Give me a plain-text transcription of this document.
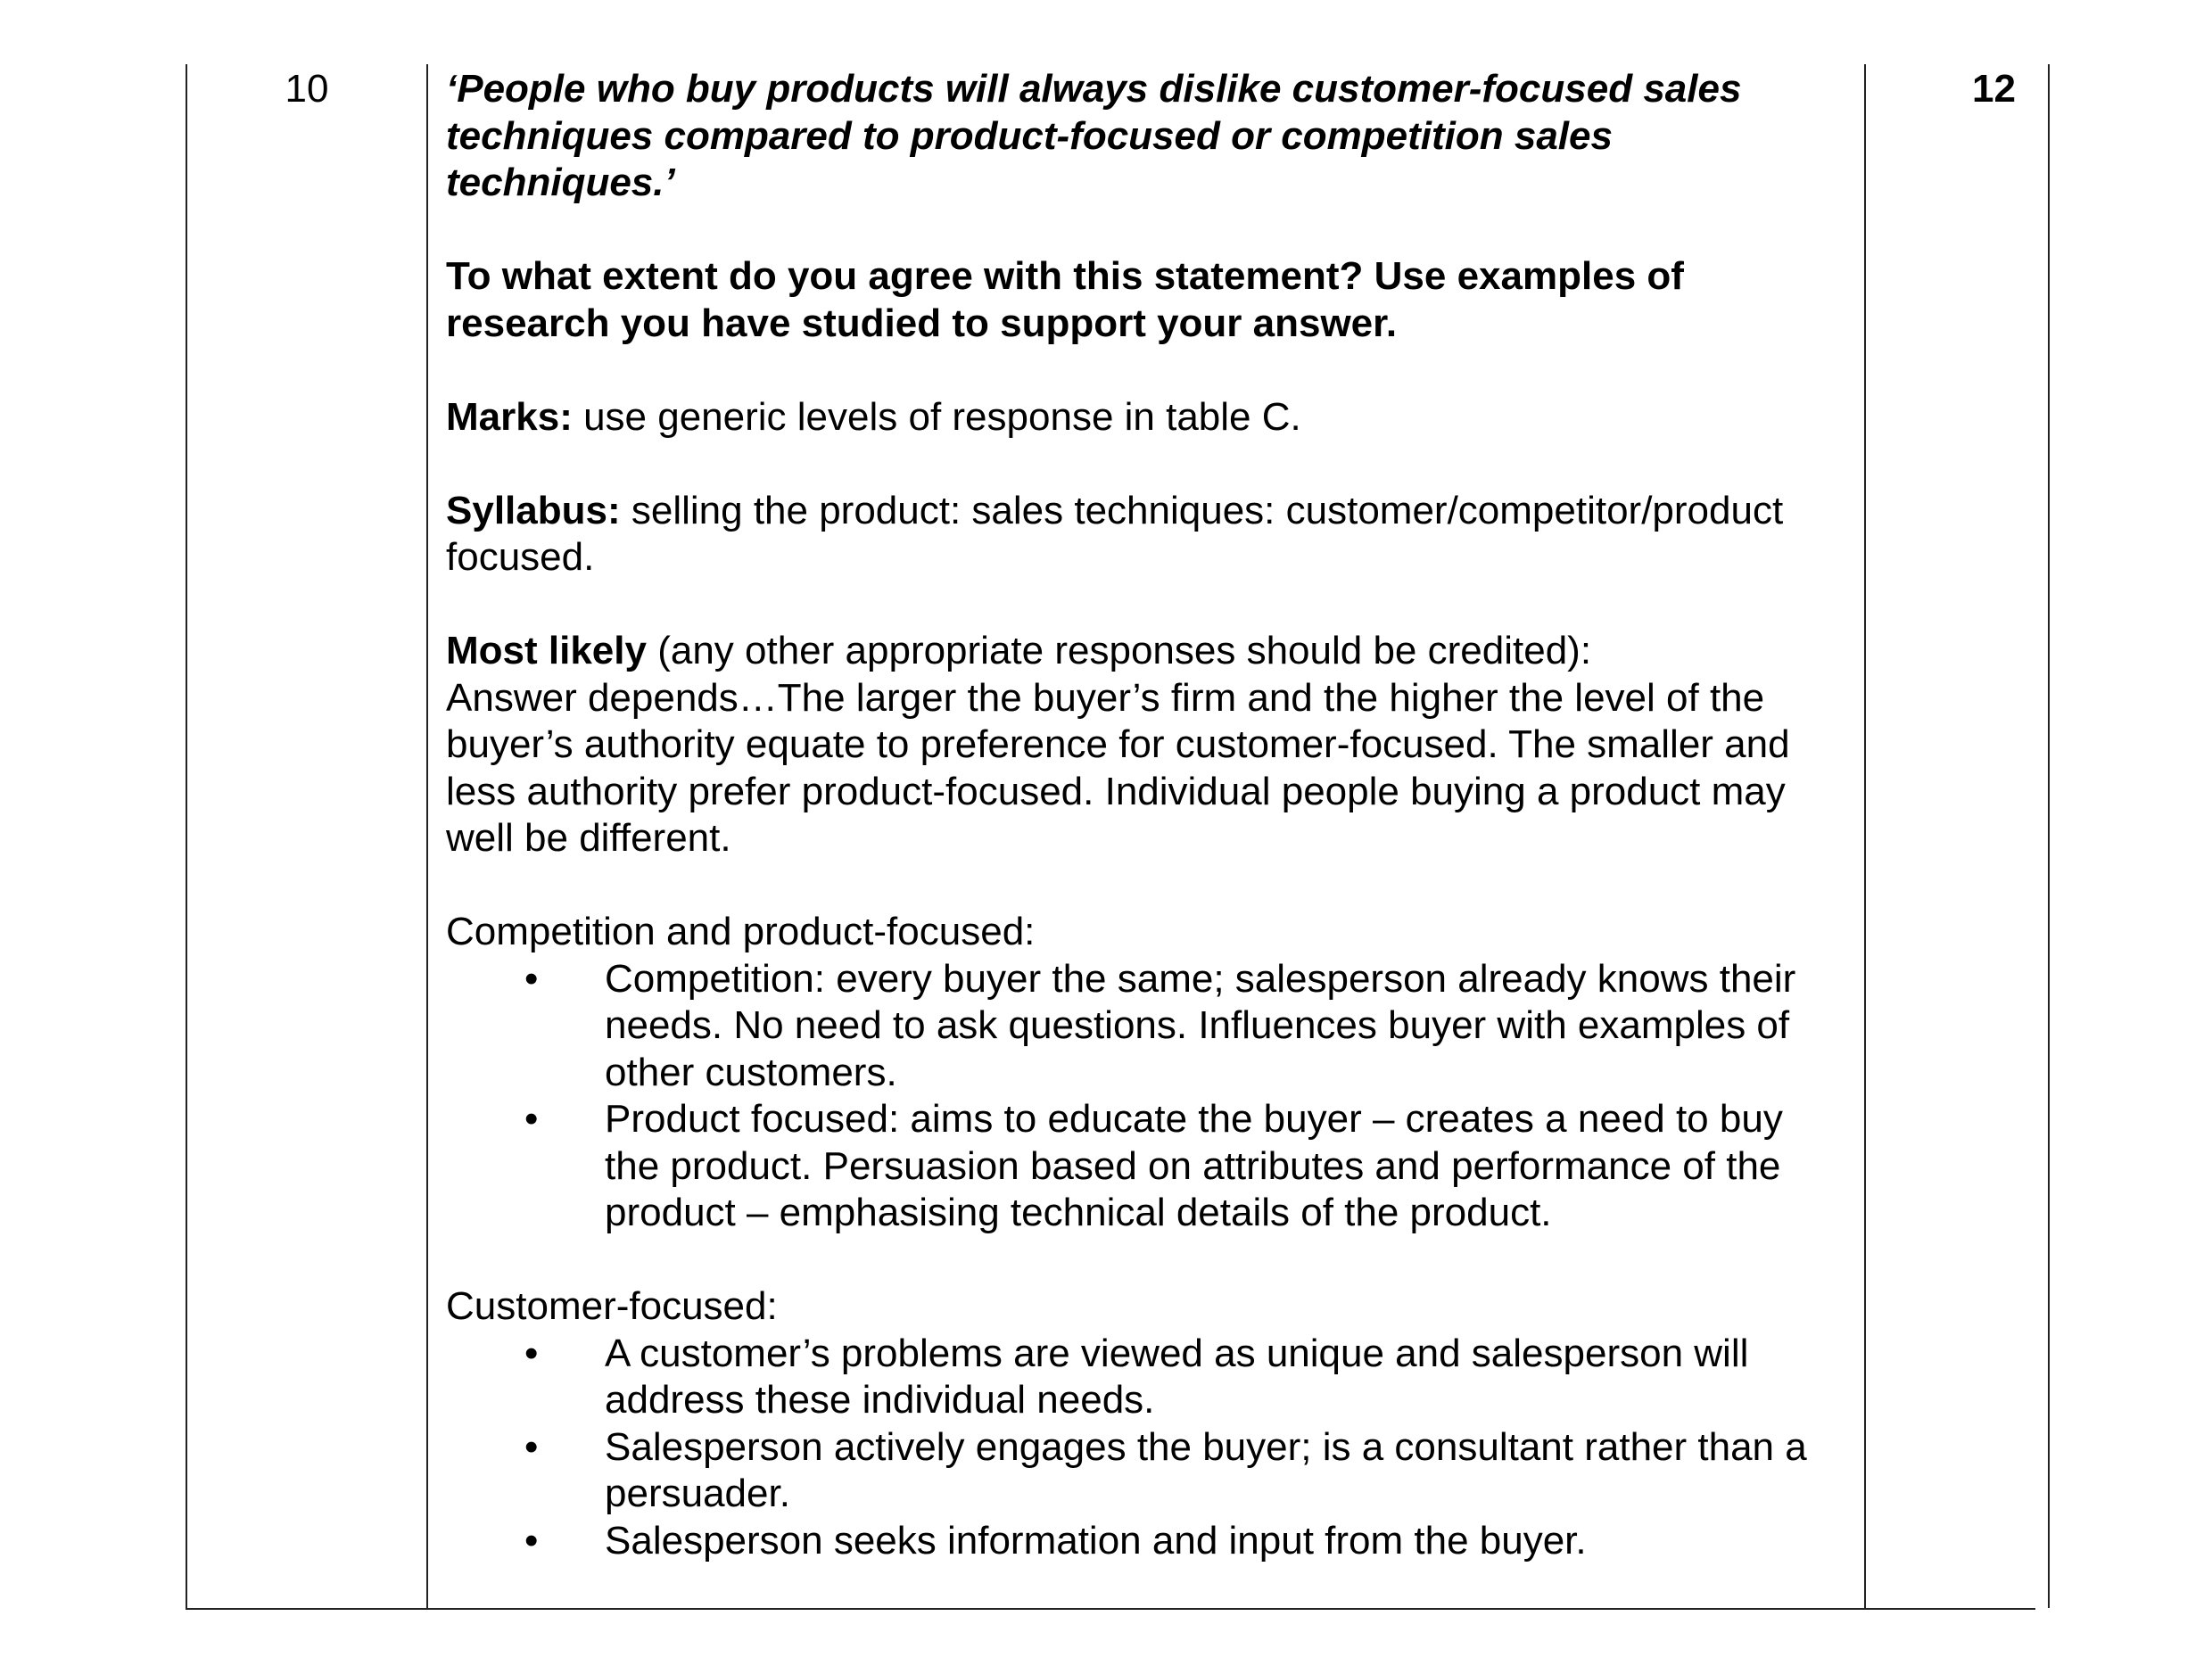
10	‘People who buy products will always dislike customer-focused sales techniques compared to product-focused or competition sales techniques.’

To what extent do you agree with this statement? Use examples of research you have studied to support your answer.

Marks: use generic levels of response in table C.

Syllabus: selling the product: sales techniques: customer/competitor/product focused.

Most likely (any other appropriate responses should be credited):

Answer depends…The larger the buyer’s firm and the higher the level of the buyer’s authority equate to preference for customer-focused. The smaller and less authority prefer product-focused. Individual people buying a product may well be different.

Competition and product-focused:

• Competition: every buyer the same; salesperson already knows their needs. No need to ask questions. Influences buyer with examples of other customers.
• Product focused: aims to educate the buyer – creates a need to buy the product. Persuasion based on attributes and performance of the product – emphasising technical details of the product.

Customer-focused:

• A customer’s problems are viewed as unique and salesperson will address these individual needs.
• Salesperson actively engages the buyer; is a consultant rather than a persuader.
• Salesperson seeks information and input from the buyer.
12
